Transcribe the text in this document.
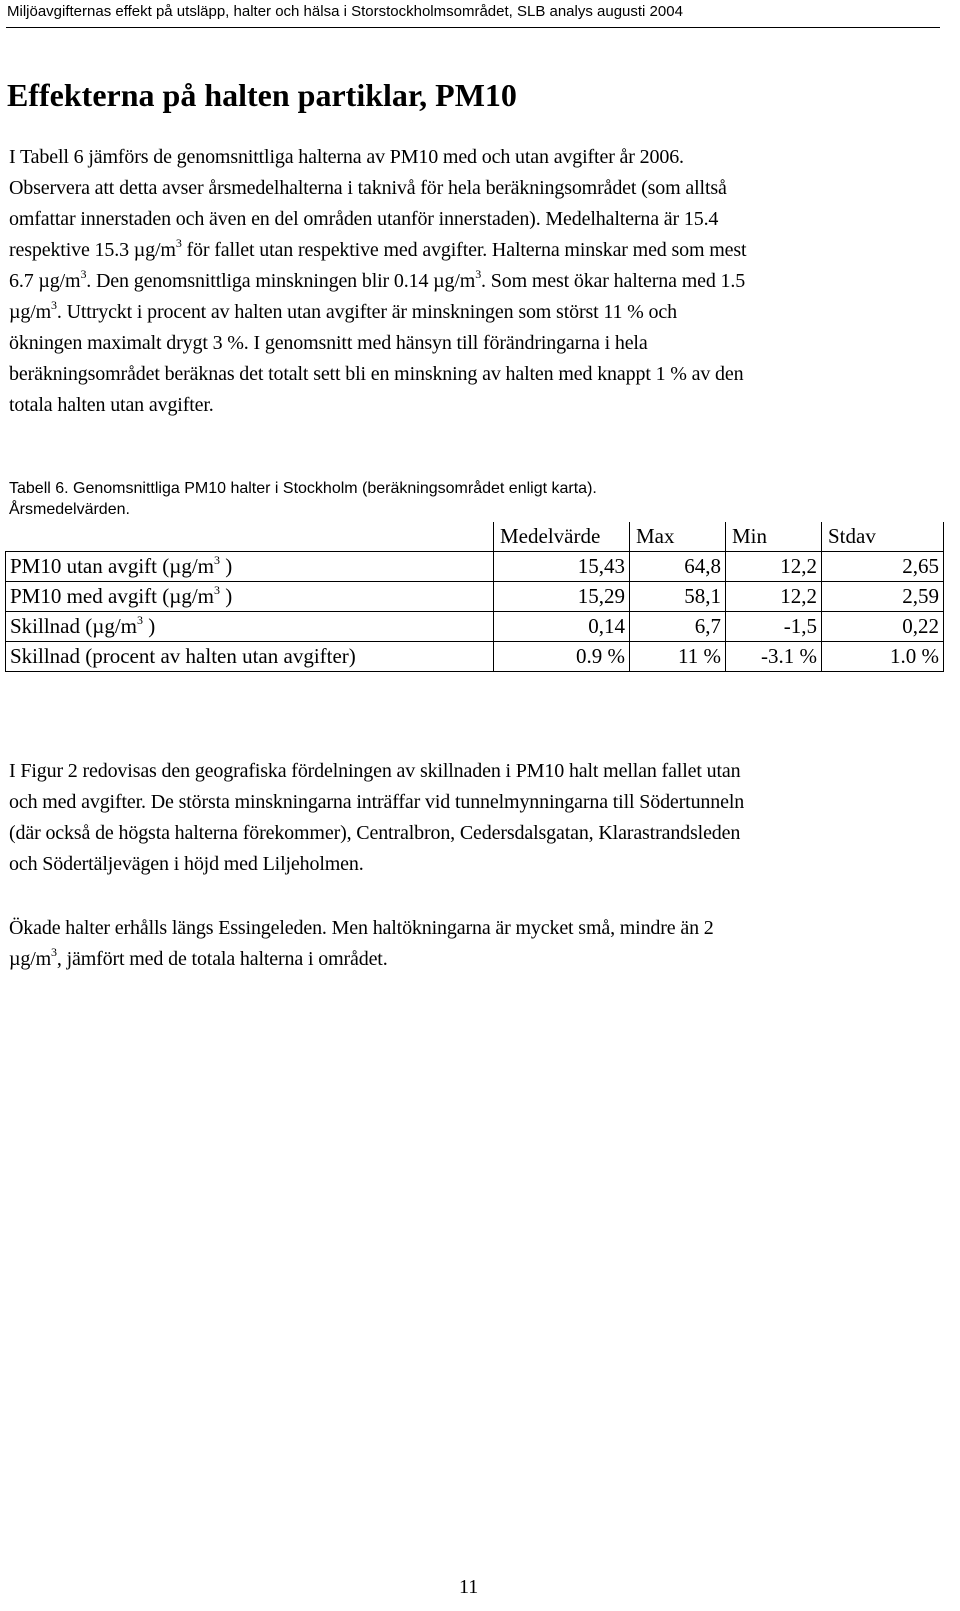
Miljöavgifternas effekt på utsläpp, halter och hälsa i Storstockholmsområdet, SLB analys augusti 2004
Effekterna på halten partiklar, PM10
I Tabell 6 jämförs de genomsnittliga halterna av PM10 med och utan avgifter år 2006.
Observera att detta avser årsmedelhalterna i taknivå för hela beräkningsområdet (som alltså
omfattar innerstaden och även en del områden utanför innerstaden). Medelhalterna är 15.4
respektive 15.3 $\mu g/m^3$ för fallet utan respektive med avgifter. Halterna minskar med som mest
6.7 $\mu g/m^3$. Den genomsnittliga minskningen blir 0.14 $\mu g/m^3$. Som mest ökar halterna med 1.5
$\mu g/m^3$. Uttryckt i procent av halten utan avgifter är minskningen som störst 11 % och
ökningen maximalt drygt 3 %. I genomsnitt med hänsyn till förändringarna i hela
beräkningsområdet beräknas det totalt sett bli en minskning av halten med knappt 1 % av den
totala halten utan avgifter.
Tabell 6. Genomsnittliga PM10 halter i Stockholm (beräkningsområdet enligt karta).
Årsmedelvärden.
	Medelvärde	Max	Min	Stdav
PM10 utan avgift ($\mu g/m^3$ )	15,43	64,8	12,2	2,65
PM10 med avgift ($\mu g/m^3$ )	15,29	58,1	12,2	2,59
Skillnad ($\mu g/m^3$ )	0,14	6,7	-1,5	0,22
Skillnad (procent av halten utan avgifter)	0.9 %	11 %	-3.1 %	1.0 %
I Figur 2 redovisas den geografiska fördelningen av skillnaden i PM10 halt mellan fallet utan
och med avgifter. De största minskningarna inträffar vid tunnelmynningarna till Södertunneln
(där också de högsta halterna förekommer), Centralbron, Cedersdalsgatan, Klarastrandsleden
och Södertäljevägen i höjd med Liljeholmen.
Ökade halter erhålls längs Essingeleden. Men haltökningarna är mycket små, mindre än 2
$\mu g/m^3$, jämfört med de totala halterna i området.
11
